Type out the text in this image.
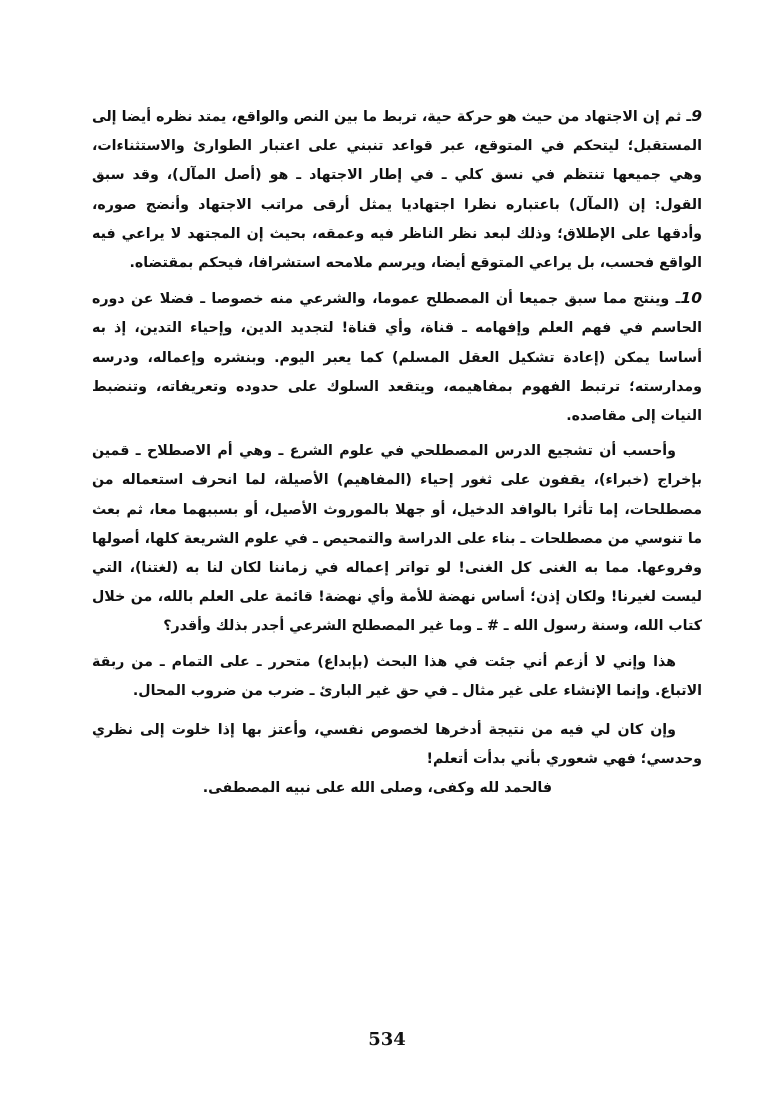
9ـ ثم إن الاجتهاد من حيث هو حركة حية، تربط ما بين النص والواقع، يمتد نظره أيضا إلى المستقبل؛ ليتحكم في المتوقع، عبر قواعد تنبني على اعتبار الطوارئ والاستثناءات، وهي جميعها تنتظم في نسق كلي ـ في إطار الاجتهاد ـ هو (أصل المآل)، وقد سبق القول: إن (المآل) باعتباره نظرا اجتهاديا يمثل أرقى مراتب الاجتهاد وأنضج صوره، وأدقها على الإطلاق؛ وذلك لبعد نظر الناظر فيه وعمقه، بحيث إن المجتهد لا يراعي فيه الواقع فحسب، بل يراعي المتوقع أيضا، ويرسم ملامحه استشرافا، فيحكم بمقتضاه.

10ـ وينتج مما سبق جميعا أن المصطلح عموما، والشرعي منه خصوصا ـ فضلا عن دوره الحاسم في فهم العلم وإفهامه ـ قناة، وأي قناة! لتجديد الدين، وإحياء التدين، إذ به أساسا يمكن (إعادة تشكيل العقل المسلم) كما يعبر اليوم. وبنشره وإعماله، ودرسه ومدارسته؛ ترتبط الفهوم بمفاهيمه، ويتقعد السلوك على حدوده وتعريفاته، وتنضبط النيات إلى مقاصده.

وأحسب أن تشجيع الدرس المصطلحي في علوم الشرع ـ وهي أم الاصطلاح ـ قمين بإخراج (خبراء)، يقفون على ثغور إحياء (المفاهيم) الأصيلة، لما انحرف استعماله من مصطلحات، إما تأثرا بالوافد الدخيل، أو جهلا بالموروث الأصيل، أو بسببهما معا، ثم بعث ما تنوسي من مصطلحات ـ بناء على الدراسة والتمحيص ـ في علوم الشريعة كلها، أصولها وفروعها. مما به الغنى كل الغنى! لو تواتر إعماله في زماننا لكان لنا به (لغتنا)، التي ليست لغيرنا! ولكان إذن؛ أساس نهضة للأمة وأي نهضة! قائمة على العلم بالله، من خلال كتاب الله، وسنة رسول الله ـ # ـ وما غير المصطلح الشرعي أجدر بذلك وأقدر؟

هذا وإني لا أزعم أني جئت في هذا البحث (بإبداع) متحرر ـ على التمام ـ من ربقة الاتباع. وإنما الإنشاء على غير مثال ـ في حق غير البارئ ـ ضرب من ضروب المحال.

وإن كان لي فيه من نتيجة أدخرها لخصوص نفسي، وأعتز بها إذا خلوت إلى نظري وحدسي؛ فهي شعوري بأني بدأت أتعلم!

فالحمد لله وكفى، وصلى الله على نبيه المصطفى.

534
